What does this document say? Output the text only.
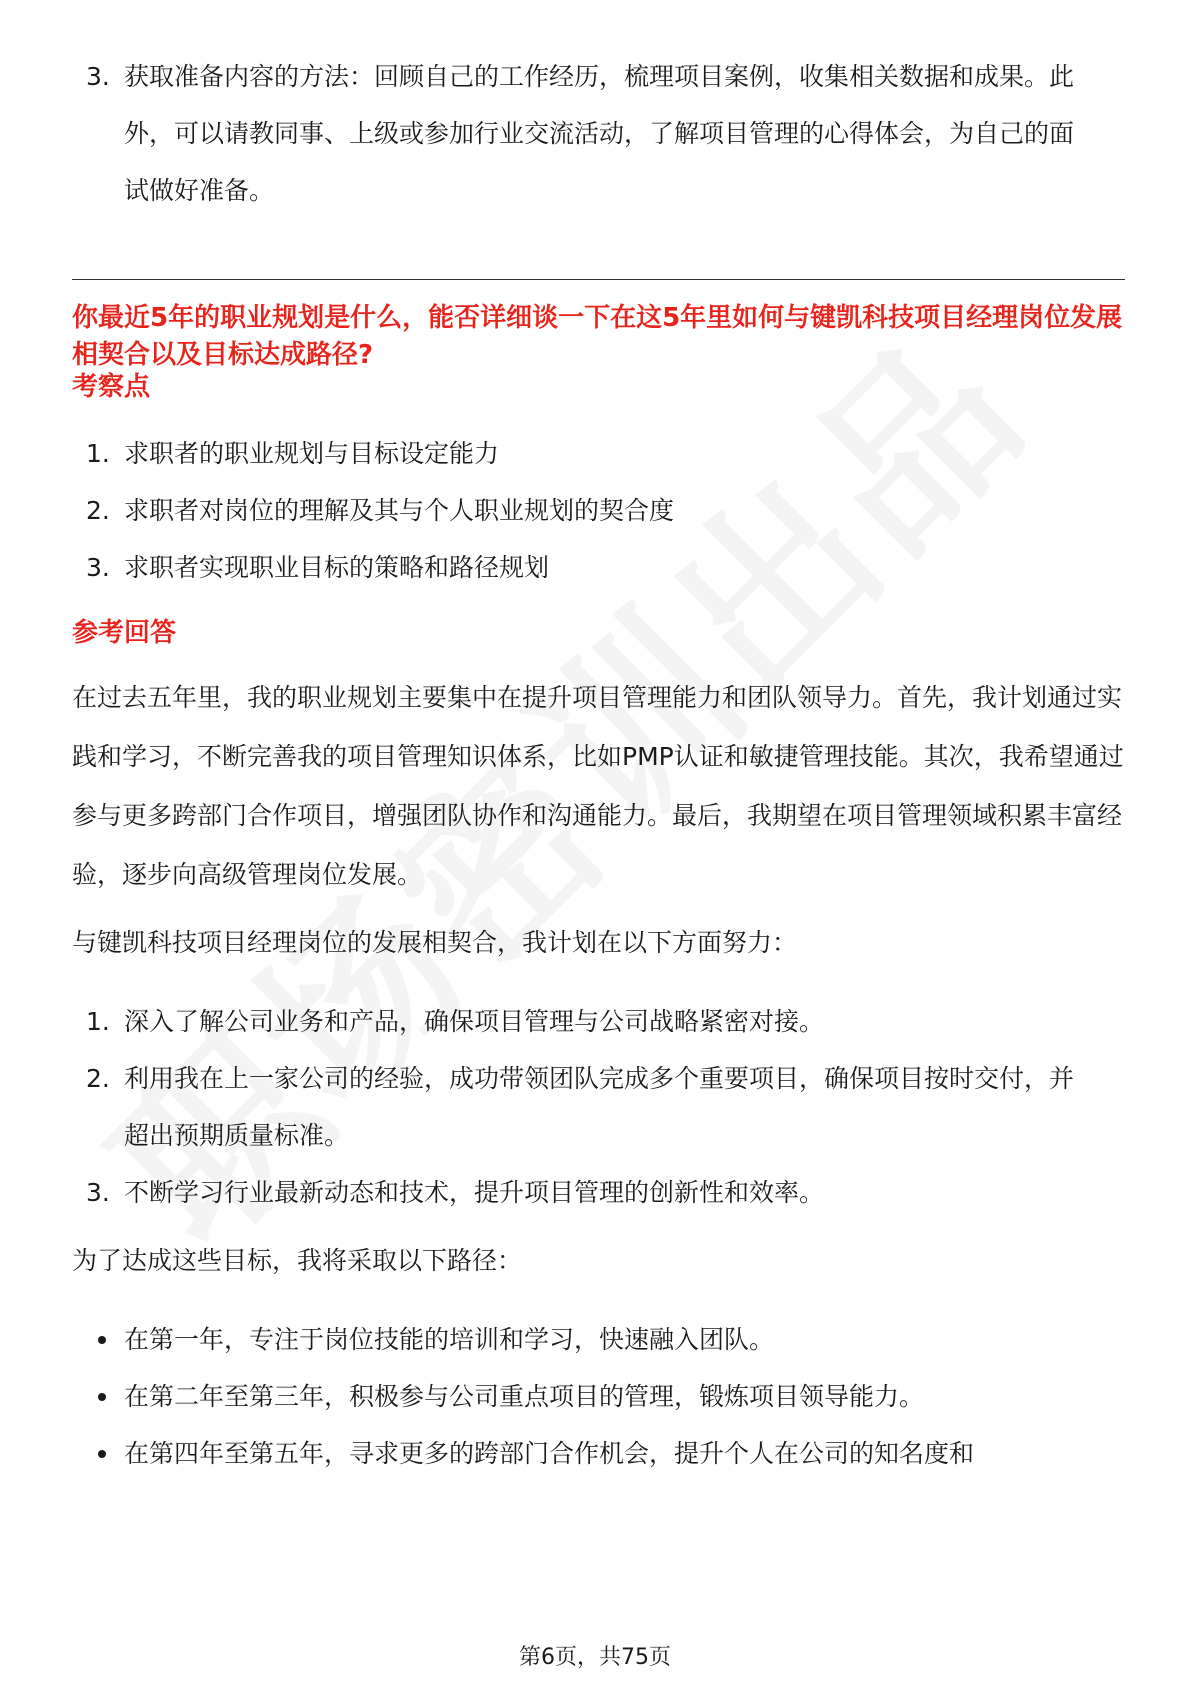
3. 获取准备内容的方法：回顾自己的工作经历，梳理项目案例，收集相关数据和成果。此外，可以请教同事、上级或参加行业交流活动，了解项目管理的心得体会，为自己的面试做好准备。
你最近5年的职业规划是什么，能否详细谈一下在这5年里如何与键凯科技项目经理岗位发展相契合以及目标达成路径?
考察点
1. 求职者的职业规划与目标设定能力
2. 求职者对岗位的理解及其与个人职业规划的契合度
3. 求职者实现职业目标的策略和路径规划
参考回答
在过去五年里，我的职业规划主要集中在提升项目管理能力和团队领导力。首先，我计划通过实践和学习，不断完善我的项目管理知识体系，比如PMP认证和敏捷管理技能。其次，我希望通过参与更多跨部门合作项目，增强团队协作和沟通能力。最后，我期望在项目管理领域积累丰富经验，逐步向高级管理岗位发展。
与键凯科技项目经理岗位的发展相契合，我计划在以下方面努力：
1. 深入了解公司业务和产品，确保项目管理与公司战略紧密对接。
2. 利用我在上一家公司的经验，成功带领团队完成多个重要项目，确保项目按时交付，并超出预期质量标准。
3. 不断学习行业最新动态和技术，提升项目管理的创新性和效率。
为了达成这些目标，我将采取以下路径：
在第一年，专注于岗位技能的培训和学习，快速融入团队。
在第二年至第三年，积极参与公司重点项目的管理，锻炼项目领导能力。
在第四年至第五年，寻求更多的跨部门合作机会，提升个人在公司的知名度和
第6页，共75页
